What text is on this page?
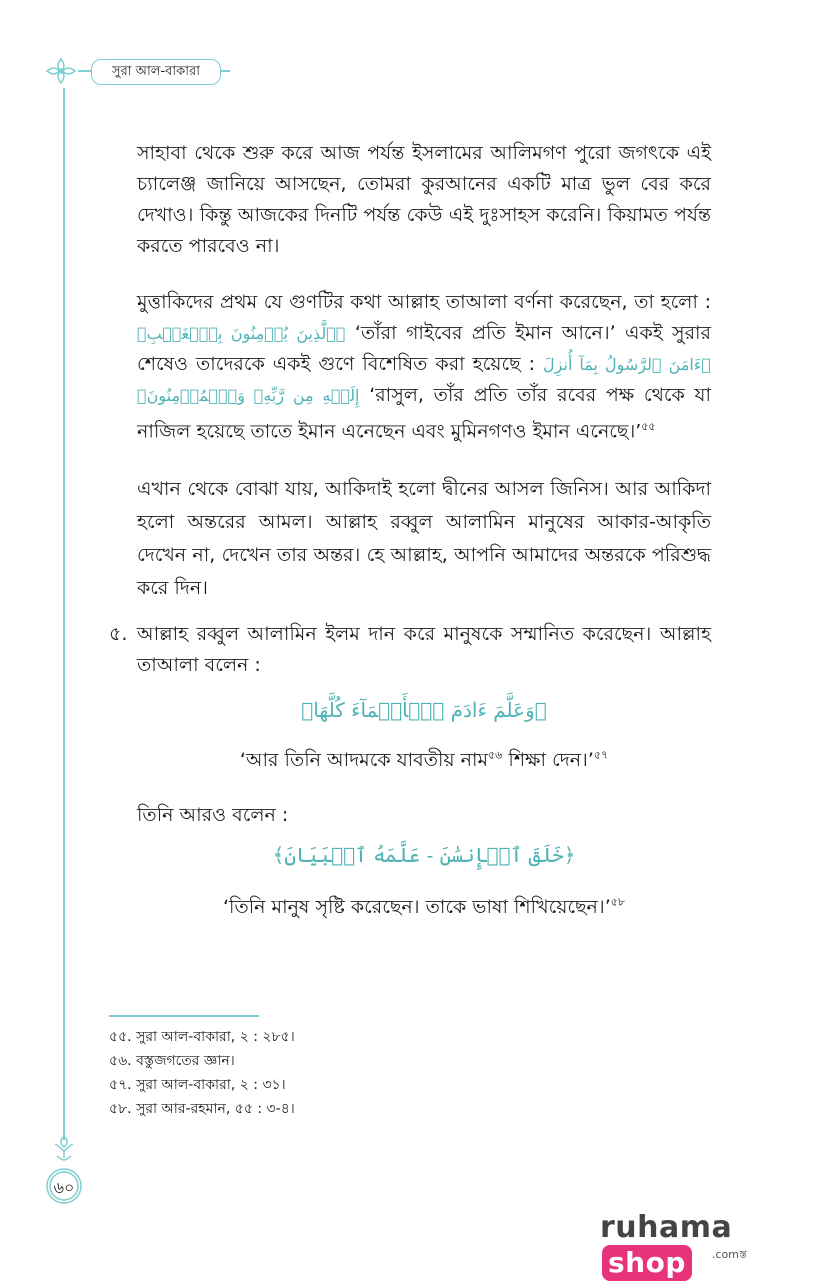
সুরা আল-বাকারা
সাহাবা থেকে শুরু করে আজ পর্যন্ত ইসলামের আলিমগণ পুরো জগৎকে এই চ্যালেঞ্জ জানিয়ে আসছেন, তোমরা কুরআনের একটি মাত্র ভুল বের করে দেখাও। কিন্তু আজকের দিনটি পর্যন্ত কেউ এই দুঃসাহস করেনি। কিয়ামত পর্যন্ত করতে পারবেও না।
মুত্তাকিদের প্রথম যে গুণটির কথা আল্লাহ তাআলা বর্ণনা করেছেন, তা হলো : ﴿ٱلَّذِينَ يُؤۡمِنُونَ بِٱلۡغَيۡبِ﴾ ‘তাঁরা গাইবের প্রতি ইমান আনে।’ একই সুরার শেষেও তাদেরকে একই গুণে বিশেষিত করা হয়েছে : ﴿ءَامَنَ ٱلرَّسُولُ بِمَآ أُنزِلَ إِلَيۡهِ مِن رَّبِّهِۦ وَٱلۡمُؤۡمِنُونَ﴾ ‘রাসুল, তাঁর প্রতি তাঁর রবের পক্ষ থেকে যা নাজিল হয়েছে তাতে ইমান এনেছেন এবং মুমিনগণও ইমান এনেছে।’$^{৫৫}$
এখান থেকে বোঝা যায়, আকিদাই হলো দ্বীনের আসল জিনিস। আর আকিদা হলো অন্তরের আমল। আল্লাহ রব্বুল আলামিন মানুষের আকার-আকৃতি দেখেন না, দেখেন তার অন্তর। হে আল্লাহ, আপনি আমাদের অন্তরকে পরিশুদ্ধ করে দিন।
৫. আল্লাহ রব্বুল আলামিন ইলম দান করে মানুষকে সম্মানিত করেছেন। আল্লাহ তাআলা বলেন :
﴿وَعَلَّمَ ءَادَمَ ٱلۡأَسۡمَآءَ كُلَّهَا﴾
‘আর তিনি আদমকে যাবতীয় নাম$^{৫৬}$ শিক্ষা দেন।’$^{৫৭}$
তিনি আরও বলেন :
﴿خَلَقَ ٱلۡإِنسَٰنَ - عَلَّمَهُ ٱلۡبَيَانَ﴾
‘তিনি মানুষ সৃষ্টি করেছেন। তাকে ভাষা শিখিয়েছেন।’$^{৫৮}$
৫৫. সুরা আল-বাকারা, ২ : ২৮৫।
৫৬. বস্তুজগতের জ্ঞান।
৫৭. সুরা আল-বাকারা, ২ : ৩১।
৫৮. সুরা আর-রহমান, ৫৫ : ৩-৪।
৬০
ruhamashop .comস্ত
